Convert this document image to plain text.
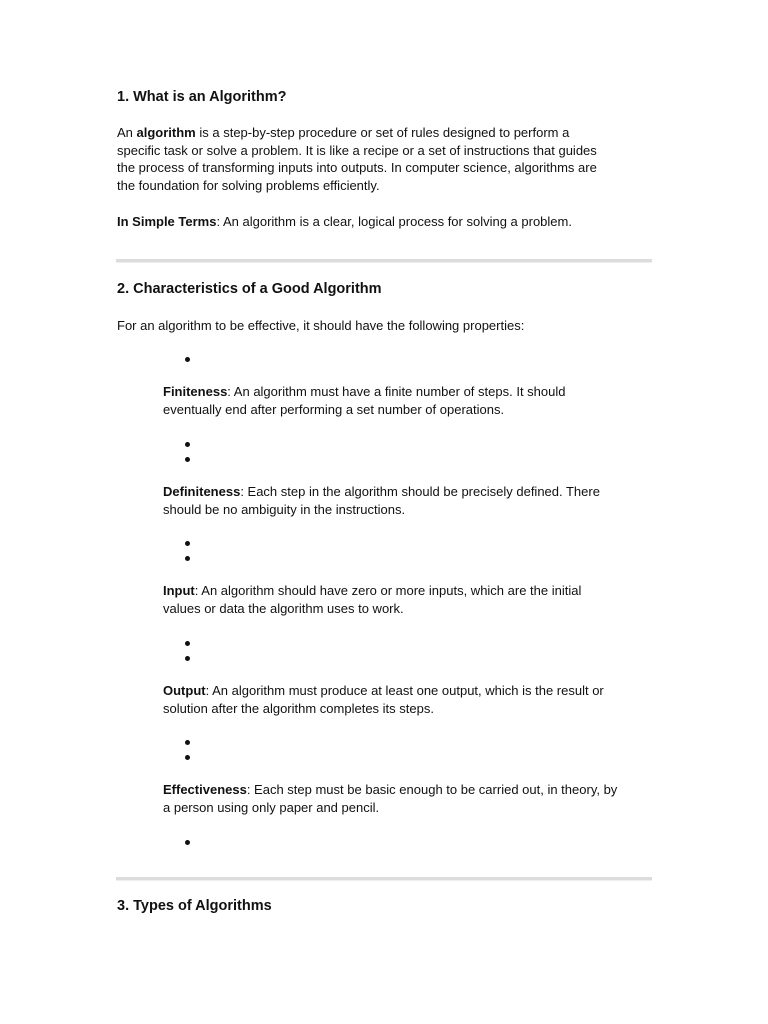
1. What is an Algorithm?
An algorithm is a step-by-step procedure or set of rules designed to perform a
specific task or solve a problem. It is like a recipe or a set of instructions that guides
the process of transforming inputs into outputs. In computer science, algorithms are
the foundation for solving problems efficiently.
In Simple Terms: An algorithm is a clear, logical process for solving a problem.
2. Characteristics of a Good Algorithm
For an algorithm to be effective, it should have the following properties:
Finiteness: An algorithm must have a finite number of steps. It should
eventually end after performing a set number of operations.
Definiteness: Each step in the algorithm should be precisely defined. There
should be no ambiguity in the instructions.
Input: An algorithm should have zero or more inputs, which are the initial
values or data the algorithm uses to work.
Output: An algorithm must produce at least one output, which is the result or
solution after the algorithm completes its steps.
Effectiveness: Each step must be basic enough to be carried out, in theory, by
a person using only paper and pencil.
3. Types of Algorithms
